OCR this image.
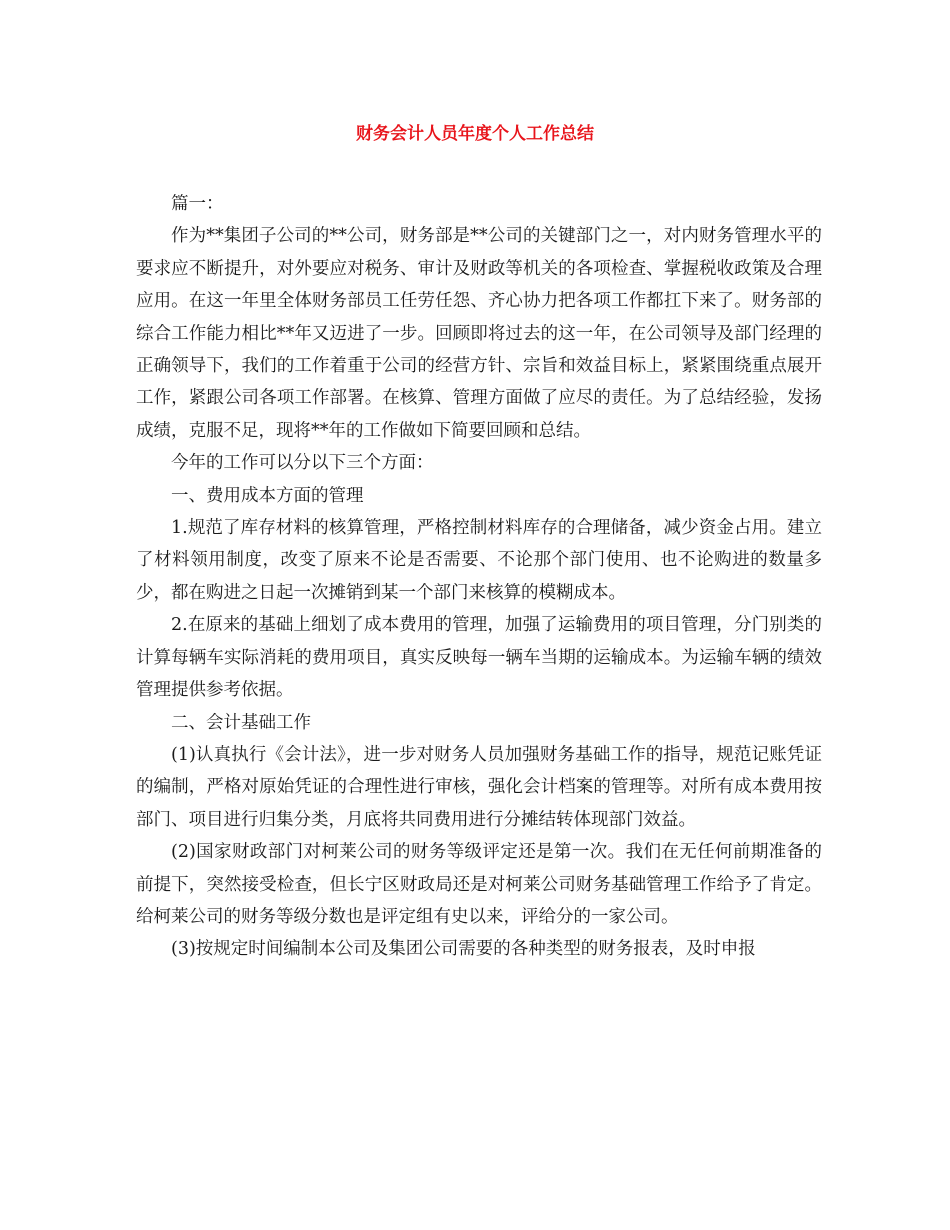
财务会计人员年度个人工作总结

篇一：

作为**集团子公司的**公司，财务部是**公司的关键部门之一，对内财务管理水平的要求应不断提升，对外要应对税务、审计及财政等机关的各项检查、掌握税收政策及合理应用。在这一年里全体财务部员工任劳任怨、齐心协力把各项工作都扛下来了。财务部的综合工作能力相比**年又迈进了一步。回顾即将过去的这一年，在公司领导及部门经理的正确领导下，我们的工作着重于公司的经营方针、宗旨和效益目标上，紧紧围绕重点展开工作，紧跟公司各项工作部署。在核算、管理方面做了应尽的责任。为了总结经验，发扬成绩，克服不足，现将**年的工作做如下简要回顾和总结。

今年的工作可以分以下三个方面：

一、费用成本方面的管理

1.规范了库存材料的核算管理，严格控制材料库存的合理储备，减少资金占用。建立了材料领用制度，改变了原来不论是否需要、不论那个部门使用、也不论购进的数量多少，都在购进之日起一次摊销到某一个部门来核算的模糊成本。

2.在原来的基础上细划了成本费用的管理，加强了运输费用的项目管理，分门别类的计算每辆车实际消耗的费用项目，真实反映每一辆车当期的运输成本。为运输车辆的绩效管理提供参考依据。

二、会计基础工作

(1)认真执行《会计法》，进一步对财务人员加强财务基础工作的指导，规范记账凭证的编制，严格对原始凭证的合理性进行审核，强化会计档案的管理等。对所有成本费用按部门、项目进行归集分类，月底将共同费用进行分摊结转体现部门效益。

(2)国家财政部门对柯莱公司的财务等级评定还是第一次。我们在无任何前期准备的前提下，突然接受检查，但长宁区财政局还是对柯莱公司财务基础管理工作给予了肯定。给柯莱公司的财务等级分数也是评定组有史以来，评给分的一家公司。

(3)按规定时间编制本公司及集团公司需要的各种类型的财务报表，及时申报
